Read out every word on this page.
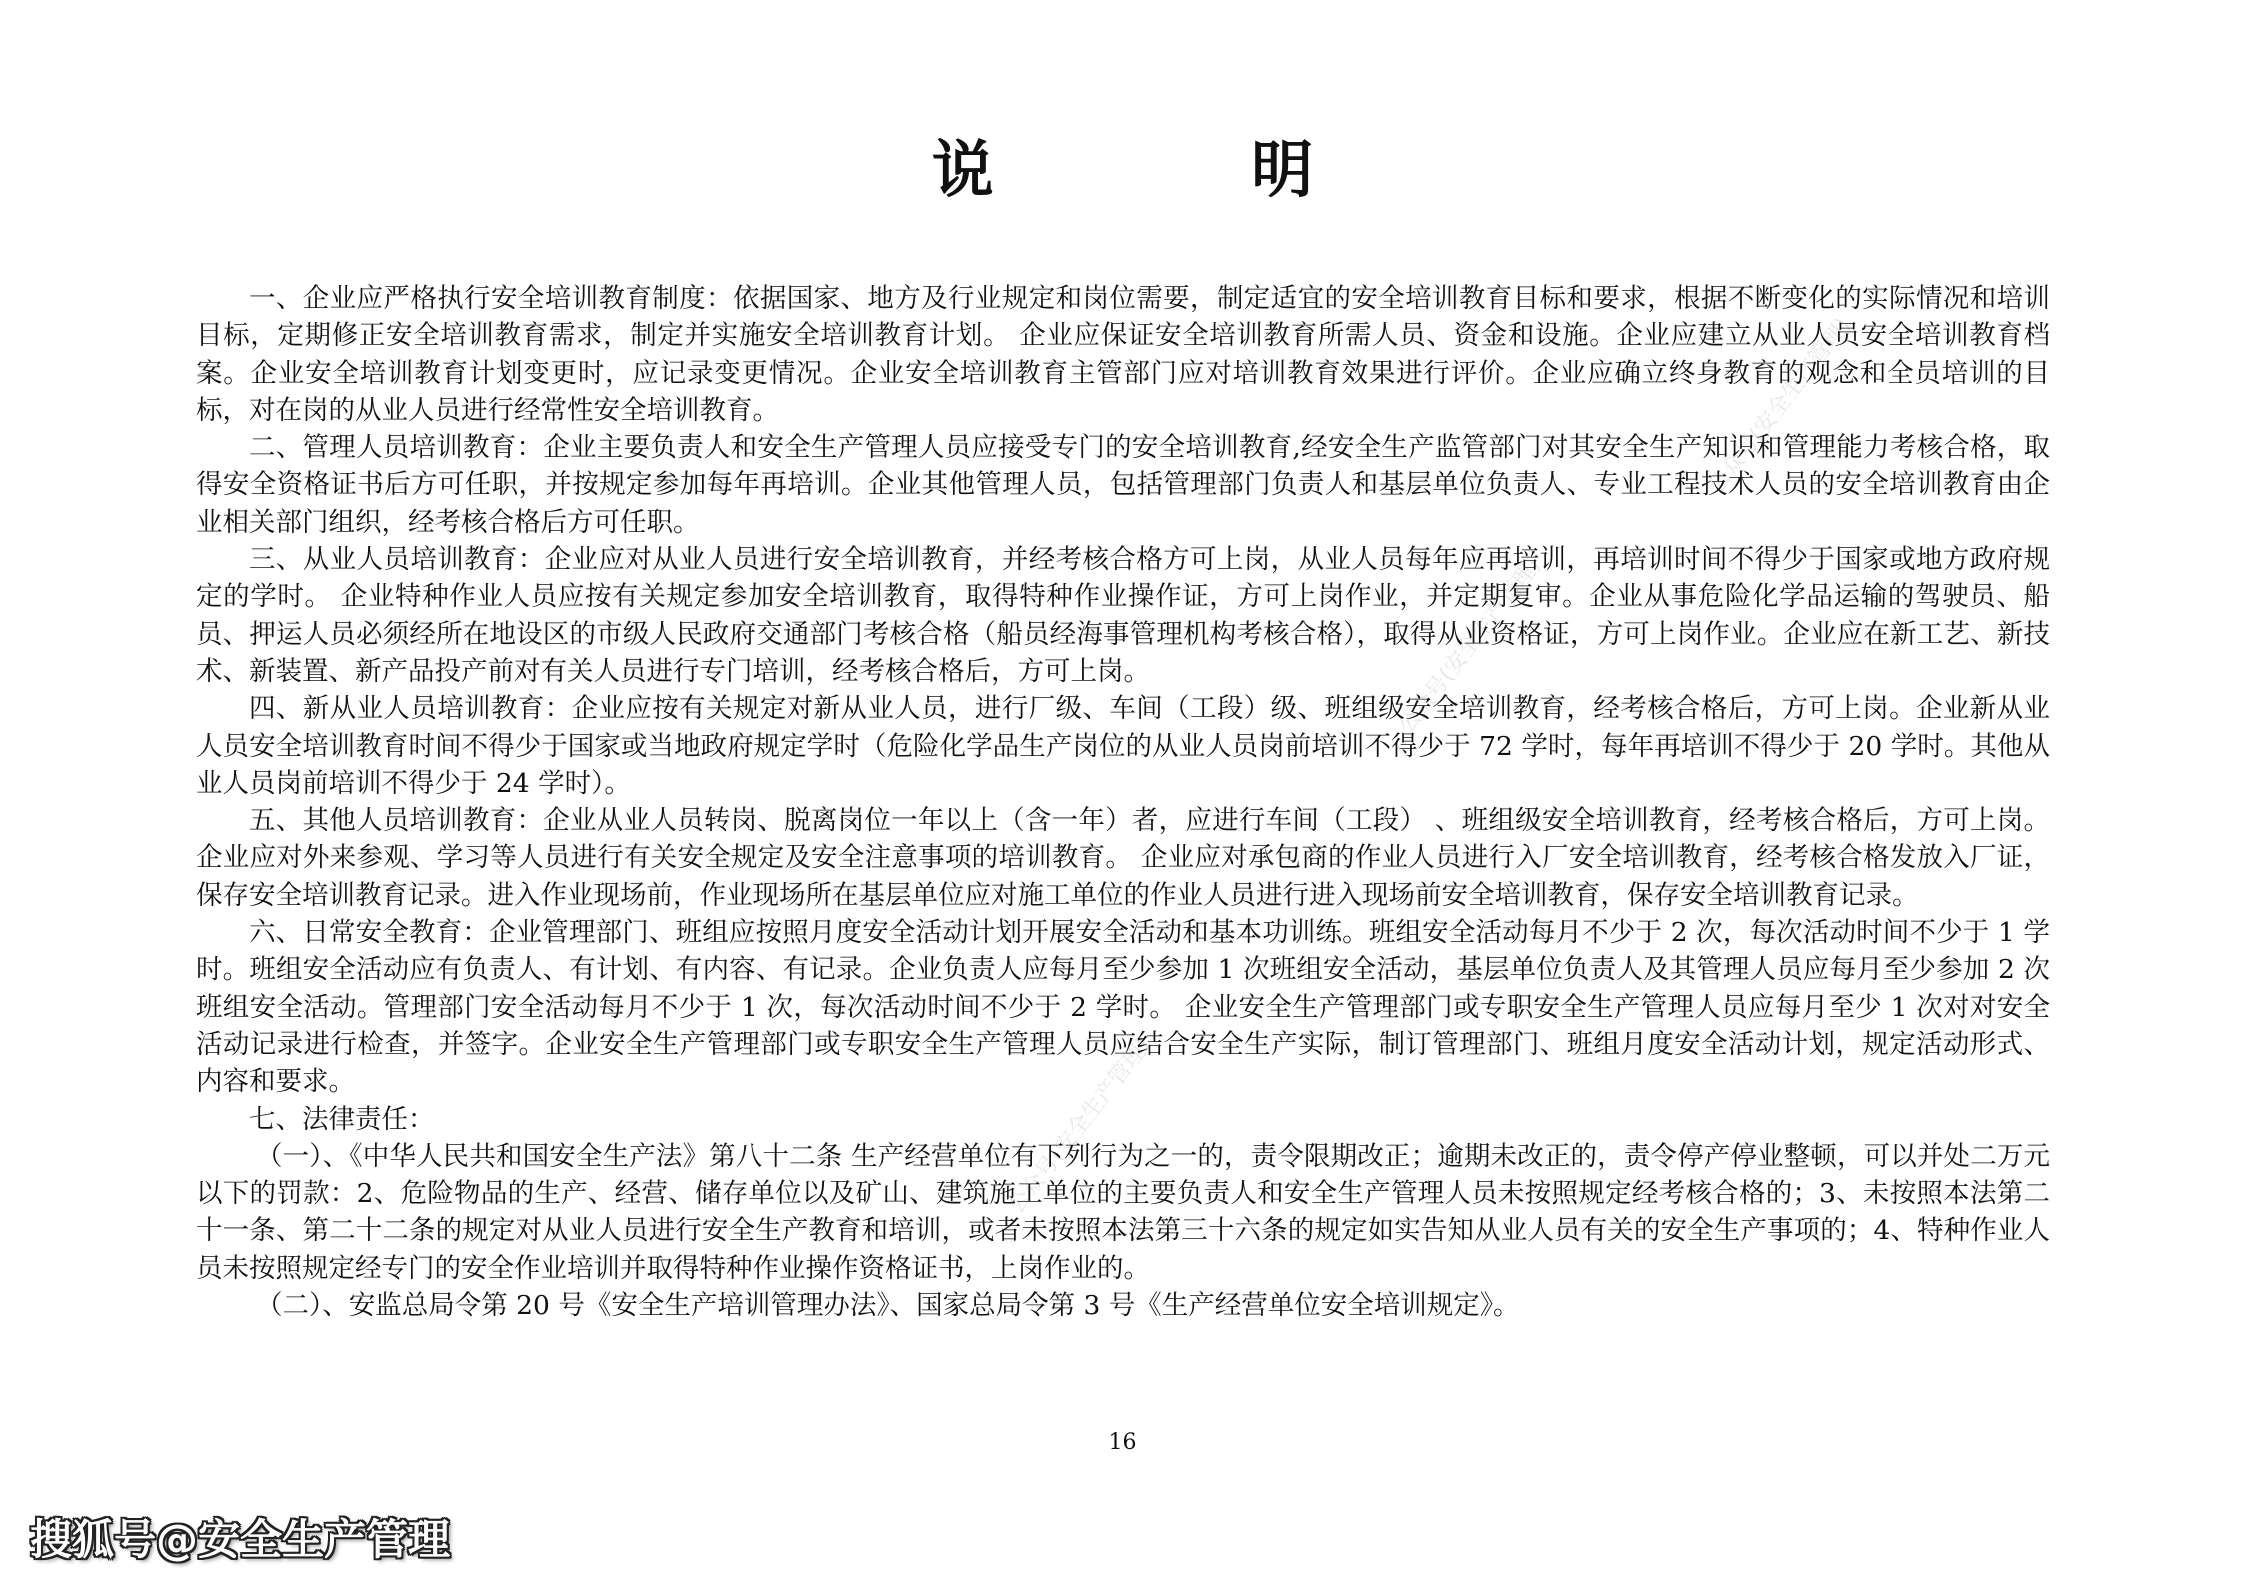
说 明

一、企业应严格执行安全培训教育制度：依据国家、地方及行业规定和岗位需要，制定适宜的安全培训教育目标和要求，根据不断变化的实际情况和培训目标，定期修正安全培训教育需求，制定并实施安全培训教育计划。 企业应保证安全培训教育所需人员、资金和设施。企业应建立从业人员安全培训教育档案。企业安全培训教育计划变更时，应记录变更情况。企业安全培训教育主管部门应对培训教育效果进行评价。企业应确立终身教育的观念和全员培训的目标，对在岗的从业人员进行经常性安全培训教育。

二、管理人员培训教育：企业主要负责人和安全生产管理人员应接受专门的安全培训教育,经安全生产监管部门对其安全生产知识和管理能力考核合格，取得安全资格证书后方可任职，并按规定参加每年再培训。企业其他管理人员，包括管理部门负责人和基层单位负责人、专业工程技术人员的安全培训教育由企业相关部门组织，经考核合格后方可任职。

三、从业人员培训教育：企业应对从业人员进行安全培训教育，并经考核合格方可上岗，从业人员每年应再培训，再培训时间不得少于国家或地方政府规定的学时。 企业特种作业人员应按有关规定参加安全培训教育，取得特种作业操作证，方可上岗作业，并定期复审。企业从事危险化学品运输的驾驶员、船员、押运人员必须经所在地设区的市级人民政府交通部门考核合格（船员经海事管理机构考核合格），取得从业资格证，方可上岗作业。企业应在新工艺、新技术、新装置、新产品投产前对有关人员进行专门培训，经考核合格后，方可上岗。

四、新从业人员培训教育：企业应按有关规定对新从业人员，进行厂级、车间（工段）级、班组级安全培训教育，经考核合格后，方可上岗。企业新从业人员安全培训教育时间不得少于国家或当地政府规定学时（危险化学品生产岗位的从业人员岗前培训不得少于 72 学时，每年再培训不得少于 20 学时。其他从业人员岗前培训不得少于 24 学时）。

五、其他人员培训教育：企业从业人员转岗、脱离岗位一年以上（含一年）者，应进行车间（工段） 、班组级安全培训教育，经考核合格后，方可上岗。企业应对外来参观、学习等人员进行有关安全规定及安全注意事项的培训教育。 企业应对承包商的作业人员进行入厂安全培训教育，经考核合格发放入厂证，保存安全培训教育记录。进入作业现场前，作业现场所在基层单位应对施工单位的作业人员进行进入现场前安全培训教育，保存安全培训教育记录。

六、日常安全教育：企业管理部门、班组应按照月度安全活动计划开展安全活动和基本功训练。班组安全活动每月不少于 2 次，每次活动时间不少于 1 学时。班组安全活动应有负责人、有计划、有内容、有记录。企业负责人应每月至少参加 1 次班组安全活动，基层单位负责人及其管理人员应每月至少参加 2 次班组安全活动。管理部门安全活动每月不少于 1 次，每次活动时间不少于 2 学时。 企业安全生产管理部门或专职安全生产管理人员应每月至少 1 次对对安全活动记录进行检查，并签字。企业安全生产管理部门或专职安全生产管理人员应结合安全生产实际，制订管理部门、班组月度安全活动计划，规定活动形式、内容和要求。

七、法律责任：

（一）、《中华人民共和国安全生产法》第八十二条 生产经营单位有下列行为之一的，责令限期改正；逾期未改正的，责令停产停业整顿，可以并处二万元以下的罚款：2、危险物品的生产、经营、储存单位以及矿山、建筑施工单位的主要负责人和安全生产管理人员未按照规定经考核合格的；3、未按照本法第二十一条、第二十二条的规定对从业人员进行安全生产教育和培训，或者未按照本法第三十六条的规定如实告知从业人员有关的安全生产事项的；4、特种作业人员未按照规定经专门的安全作业培训并取得特种作业操作资格证书，上岗作业的。

（二）、安监总局令第 20 号《安全生产培训管理办法》、国家总局令第 3 号《生产经营单位安全培训规定》。

公众号(安全生产管理)
公众号(安全生产管理)
公众号(安全生产管理)
16
搜狐号@安全生产管理
